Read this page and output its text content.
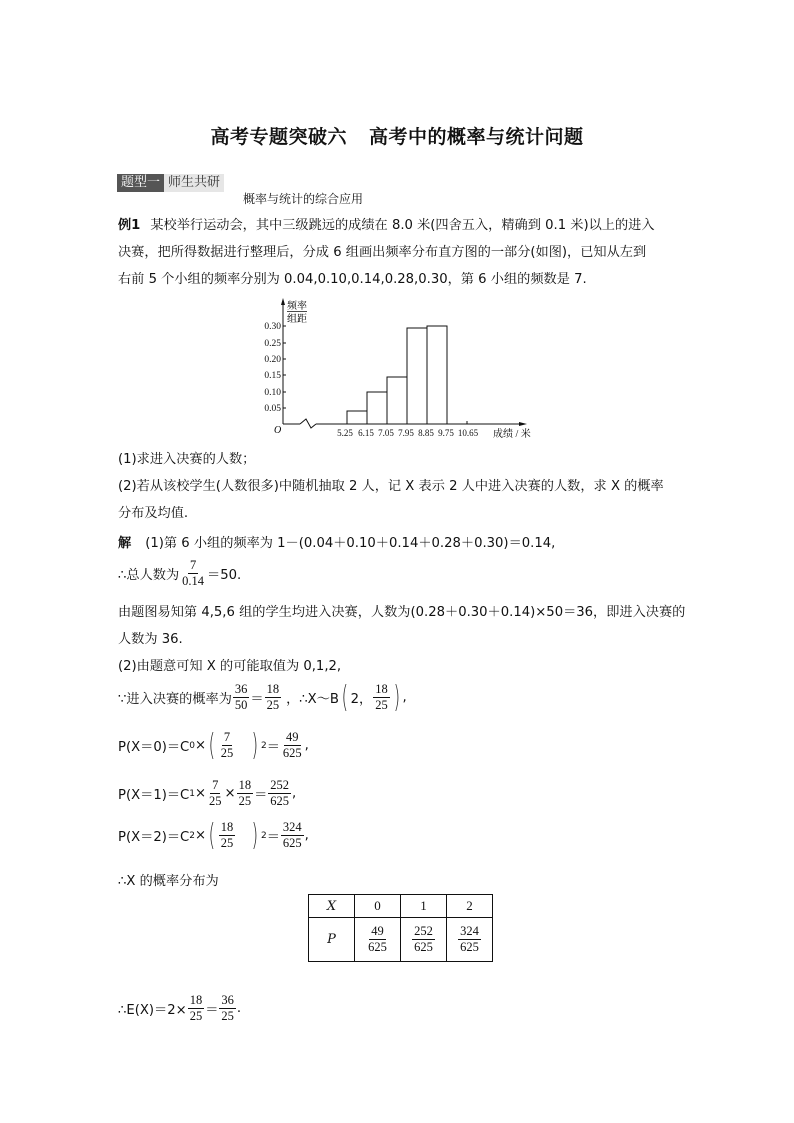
高考专题突破六 高考中的概率与统计问题
题型一 师生共研
概率与统计的综合应用
例1 某校举行运动会，其中三级跳远的成绩在 8.0 米(四舍五入，精确到 0.1 米)以上的进入
决赛，把所得数据进行整理后，分成 6 组画出频率分布直方图的一部分(如图)，已知从左到
右前 5 个小组的频率分别为 0.04,0.10,0.14,0.28,0.30，第 6 小组的频数是 7.
0.05
0.10
0.15
0.20
0.25
0.30
频率
组距
O	5.25 6.15 7.05 7.95 8.85 9.75 10.65 成绩 / 米
(1)求进入决赛的人数；
(2)若从该校学生(人数很多)中随机抽取 2 人，记 X 表示 2 人中进入决赛的人数，求 X 的概率
分布及均值.
解 (1)第 6 小组的频率为 1－(0.04＋0.10＋0.14＋0.28＋0.30)＝0.14,
∴总人数为 $\frac{7}{0.14} =50$.
由题图易知第 4,5,6 组的学生均进入决赛，人数为(0.28＋0.30＋0.14)×50＝36，即进入决赛的
人数为 36.
(2)由题意可知 X 的可能取值为 0,1,2,
∵进入决赛的概率为 $\frac{36}{50} = \frac{18}{25}$ ，∴X～B ( 2， $\frac{18}{25}$ ) ,
P(X＝0)＝C 0 × ( $\frac{7}{25}$ ) $2 = \frac{49}{625}$ ,
P(X＝1)＝C $1 \times \frac{7}{25} \times \frac{18}{25} = \frac{252}{625}$ ,
P(X＝2)＝C 2 × ( $\frac{18}{25}$ ) $2 = \frac{324}{625}$ ,
∴X 的概率分布为
X	0	1	2
P	$\frac{49}{625}$	$\frac{252}{625}$	$\frac{324}{625}$
∴E(X)＝2× $\frac{18}{25} = \frac{36}{25}$ .
